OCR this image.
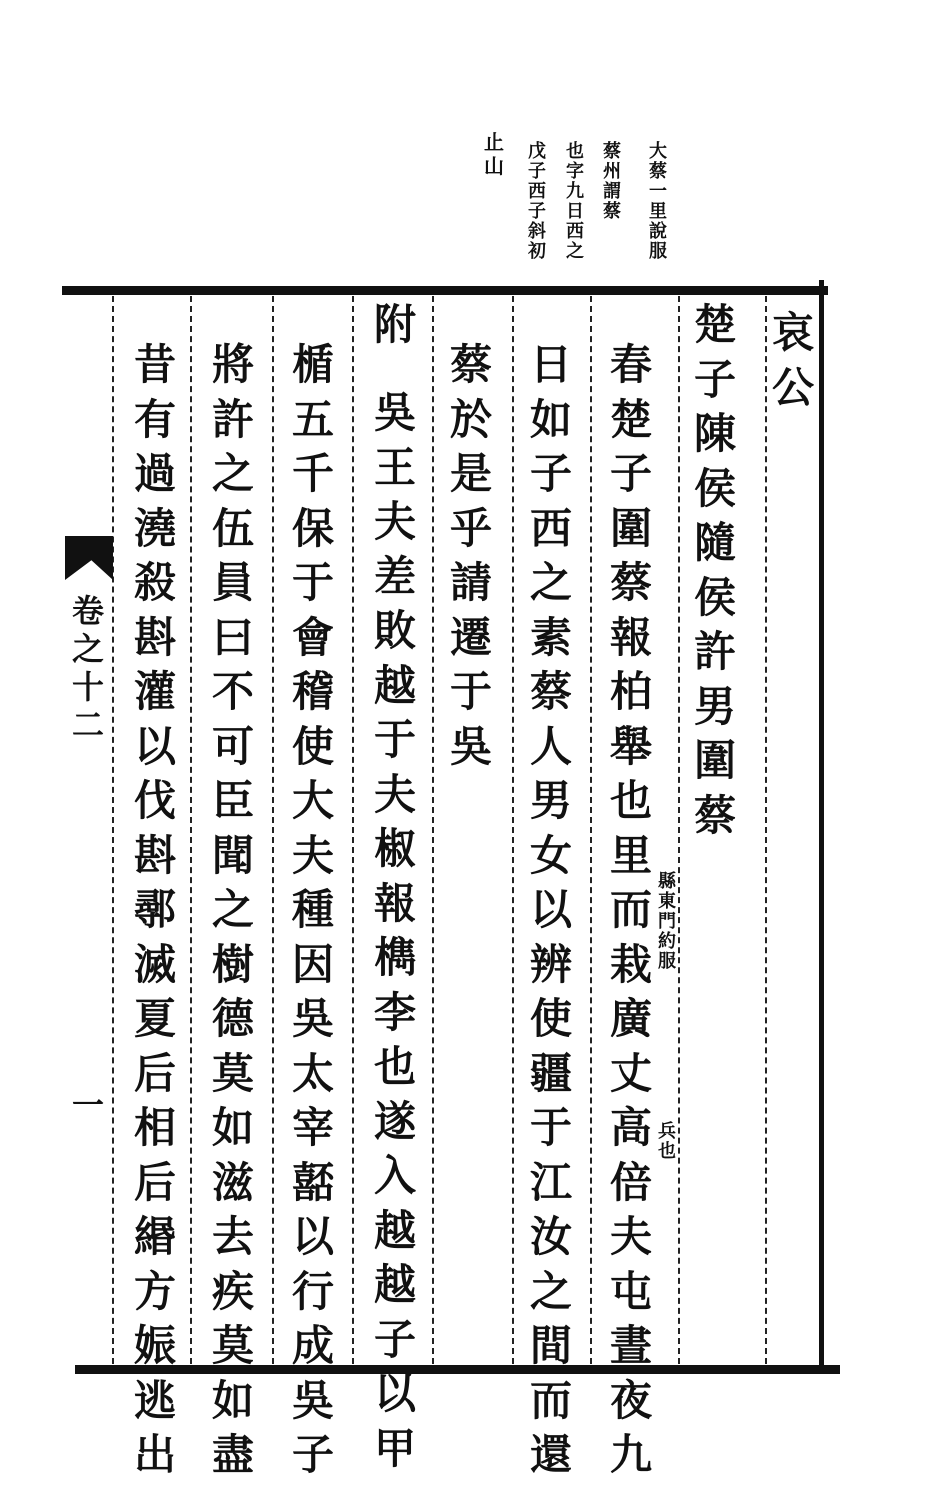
大
蔡
一
里
說
服
蔡
州
謂
蔡
也
字
九
日
西
之
戊
子
西
子
斜
初
止
山
哀
公
楚
子
陳
侯
隨
侯
許
男
圍
蔡
春
楚
子
圍
蔡
報
柏
舉
也
里
而
栽
廣
丈
高
倍
夫
屯
晝
夜
九
日
如
子
西
之
素
蔡
人
男
女
以
辨
使
疆
于
江
汝
之
間
而
還
蔡
於
是
乎
請
遷
于
吳
附
吳
王
夫
差
敗
越
于
夫
椒
報
檇
李
也
遂
入
越
越
子
以
甲
楯
五
千
保
于
會
稽
使
大
夫
種
因
吳
太
宰
嚭
以
行
成
吳
子
將
許
之
伍
員
曰
不
可
臣
聞
之
樹
德
莫
如
滋
去
疾
莫
如
盡
昔
有
過
澆
殺
斟
灌
以
伐
斟
鄩
滅
夏
后
相
后
緡
方
娠
逃
出
縣
東
門
約
服
兵
也
卷
之
十
二
一
